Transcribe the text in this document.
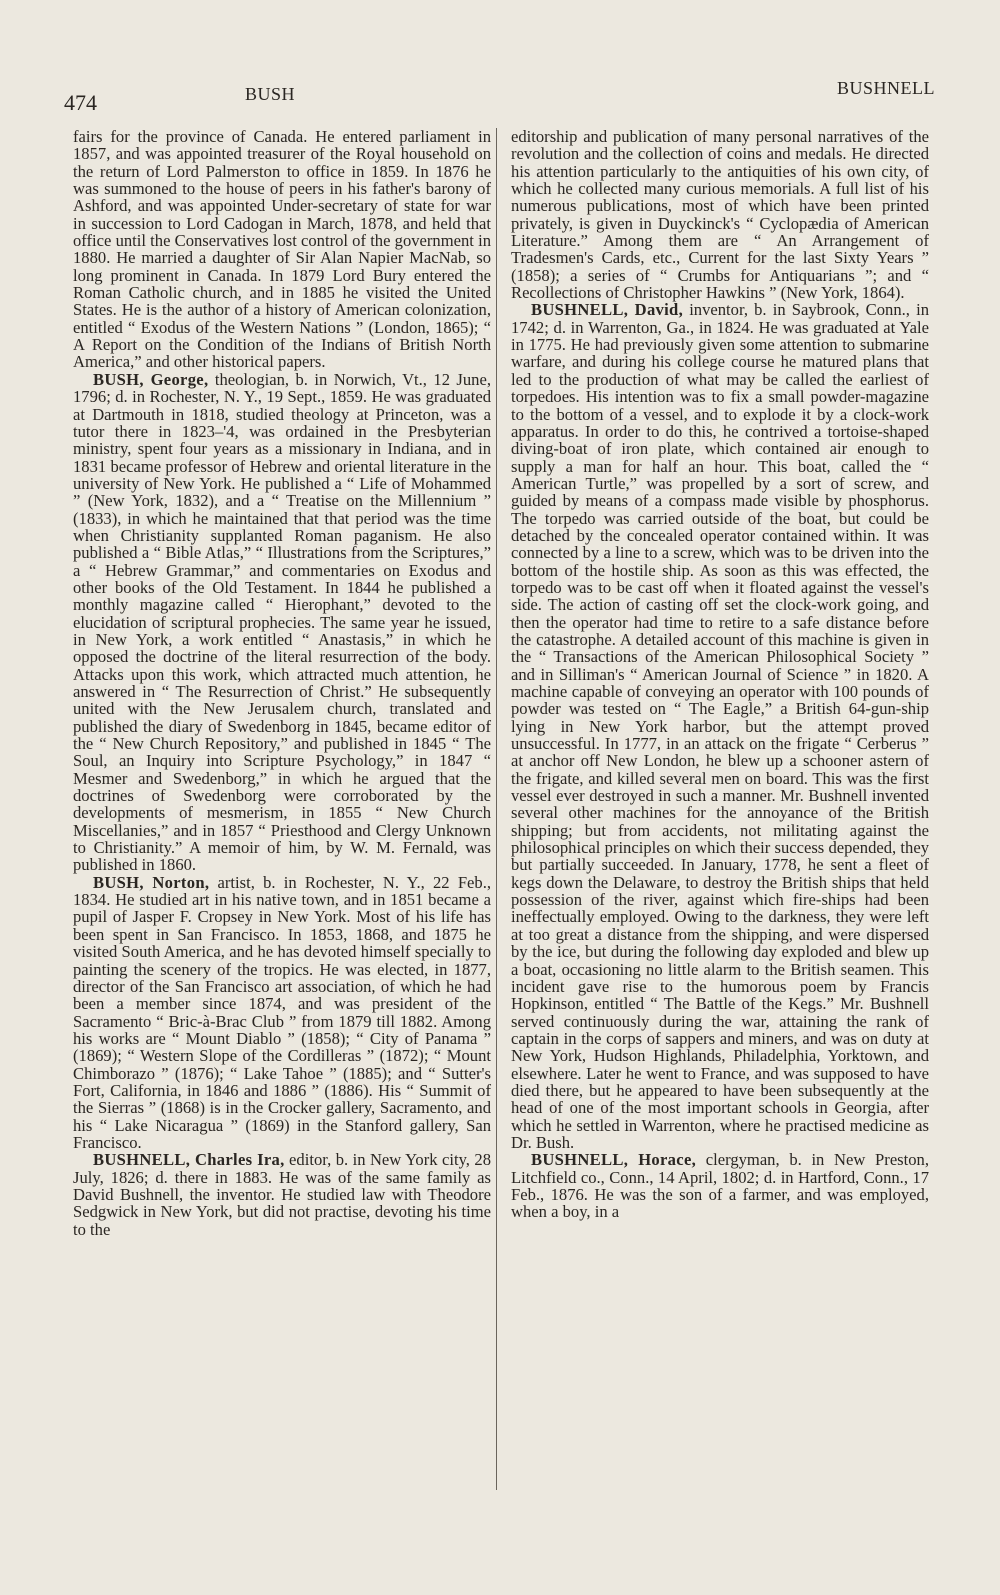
474	BUSH	BUSHNELL

fairs for the province of Canada. He entered parliament in 1857, and was appointed treasurer of the Royal household on the return of Lord Palmerston to office in 1859. In 1876 he was summoned to the house of peers in his father's barony of Ashford, and was appointed Under-secretary of state for war in succession to Lord Cadogan in March, 1878, and held that office until the Conservatives lost control of the government in 1880. He married a daughter of Sir Alan Napier MacNab, so long prominent in Canada. In 1879 Lord Bury entered the Roman Catholic church, and in 1885 he visited the United States. He is the author of a history of American colonization, entitled “ Exodus of the Western Nations ” (London, 1865); “ A Report on the Condition of the Indians of British North America,” and other historical papers.

BUSH, George, theologian, b. in Norwich, Vt., 12 June, 1796; d. in Rochester, N. Y., 19 Sept., 1859. He was graduated at Dartmouth in 1818, studied theology at Princeton, was a tutor there in 1823–'4, was ordained in the Presbyterian ministry, spent four years as a missionary in Indiana, and in 1831 became professor of Hebrew and oriental literature in the university of New York. He published a “ Life of Mohammed ” (New York, 1832), and a “ Treatise on the Millennium ” (1833), in which he maintained that that period was the time when Christianity supplanted Roman paganism. He also published a “ Bible Atlas,” “ Illustrations from the Scriptures,” a “ Hebrew Grammar,” and commentaries on Exodus and other books of the Old Testament. In 1844 he published a monthly magazine called “ Hierophant,” devoted to the elucidation of scriptural prophecies. The same year he issued, in New York, a work entitled “ Anastasis,” in which he opposed the doctrine of the literal resurrection of the body. Attacks upon this work, which attracted much attention, he answered in “ The Resurrection of Christ.” He subsequently united with the New Jerusalem church, translated and published the diary of Swedenborg in 1845, became editor of the “ New Church Repository,” and published in 1845 “ The Soul, an Inquiry into Scripture Psychology,” in 1847 “ Mesmer and Swedenborg,” in which he argued that the doctrines of Swedenborg were corroborated by the developments of mesmerism, in 1855 “ New Church Miscellanies,” and in 1857 “ Priesthood and Clergy Unknown to Christianity.” A memoir of him, by W. M. Fernald, was published in 1860.

BUSH, Norton, artist, b. in Rochester, N. Y., 22 Feb., 1834. He studied art in his native town, and in 1851 became a pupil of Jasper F. Cropsey in New York. Most of his life has been spent in San Francisco. In 1853, 1868, and 1875 he visited South America, and he has devoted himself specially to painting the scenery of the tropics. He was elected, in 1877, director of the San Francisco art association, of which he had been a member since 1874, and was president of the Sacramento “ Bric-à-Brac Club ” from 1879 till 1882. Among his works are “ Mount Diablo ” (1858); “ City of Panama ” (1869); “ Western Slope of the Cordilleras ” (1872); “ Mount Chimborazo ” (1876); “ Lake Tahoe ” (1885); and “ Sutter's Fort, California, in 1846 and 1886 ” (1886). His “ Summit of the Sierras ” (1868) is in the Crocker gallery, Sacramento, and his “ Lake Nicaragua ” (1869) in the Stanford gallery, San Francisco.

BUSHNELL, Charles Ira, editor, b. in New York city, 28 July, 1826; d. there in 1883. He was of the same family as David Bushnell, the inventor. He studied law with Theodore Sedgwick in New York, but did not practise, devoting his time to the

editorship and publication of many personal narratives of the revolution and the collection of coins and medals. He directed his attention particularly to the antiquities of his own city, of which he collected many curious memorials. A full list of his numerous publications, most of which have been printed privately, is given in Duyckinck's “ Cyclopædia of American Literature.” Among them are “ An Arrangement of Tradesmen's Cards, etc., Current for the last Sixty Years ” (1858); a series of “ Crumbs for Antiquarians ”; and “ Recollections of Christopher Hawkins ” (New York, 1864).

BUSHNELL, David, inventor, b. in Saybrook, Conn., in 1742; d. in Warrenton, Ga., in 1824. He was graduated at Yale in 1775. He had previously given some attention to submarine warfare, and during his college course he matured plans that led to the production of what may be called the earliest of torpedoes. His intention was to fix a small powder-magazine to the bottom of a vessel, and to explode it by a clock-work apparatus. In order to do this, he contrived a tortoise-shaped diving-boat of iron plate, which contained air enough to supply a man for half an hour. This boat, called the “ American Turtle,” was propelled by a sort of screw, and guided by means of a compass made visible by phosphorus. The torpedo was carried outside of the boat, but could be detached by the concealed operator contained within. It was connected by a line to a screw, which was to be driven into the bottom of the hostile ship. As soon as this was effected, the torpedo was to be cast off when it floated against the vessel's side. The action of casting off set the clock-work going, and then the operator had time to retire to a safe distance before the catastrophe. A detailed account of this machine is given in the “ Transactions of the American Philosophical Society ” and in Silliman's “ American Journal of Science ” in 1820. A machine capable of conveying an operator with 100 pounds of powder was tested on “ The Eagle,” a British 64-gun-ship lying in New York harbor, but the attempt proved unsuccessful. In 1777, in an attack on the frigate “ Cerberus ” at anchor off New London, he blew up a schooner astern of the frigate, and killed several men on board. This was the first vessel ever destroyed in such a manner. Mr. Bushnell invented several other machines for the annoyance of the British shipping; but from accidents, not militating against the philosophical principles on which their success depended, they but partially succeeded. In January, 1778, he sent a fleet of kegs down the Delaware, to destroy the British ships that held possession of the river, against which fire-ships had been ineffectually employed. Owing to the darkness, they were left at too great a distance from the shipping, and were dispersed by the ice, but during the following day exploded and blew up a boat, occasioning no little alarm to the British seamen. This incident gave rise to the humorous poem by Francis Hopkinson, entitled “ The Battle of the Kegs.” Mr. Bushnell served continuously during the war, attaining the rank of captain in the corps of sappers and miners, and was on duty at New York, Hudson Highlands, Philadelphia, Yorktown, and elsewhere. Later he went to France, and was supposed to have died there, but he appeared to have been subsequently at the head of one of the most important schools in Georgia, after which he settled in Warrenton, where he practised medicine as Dr. Bush.

BUSHNELL, Horace, clergyman, b. in New Preston, Litchfield co., Conn., 14 April, 1802; d. in Hartford, Conn., 17 Feb., 1876. He was the son of a farmer, and was employed, when a boy, in a
